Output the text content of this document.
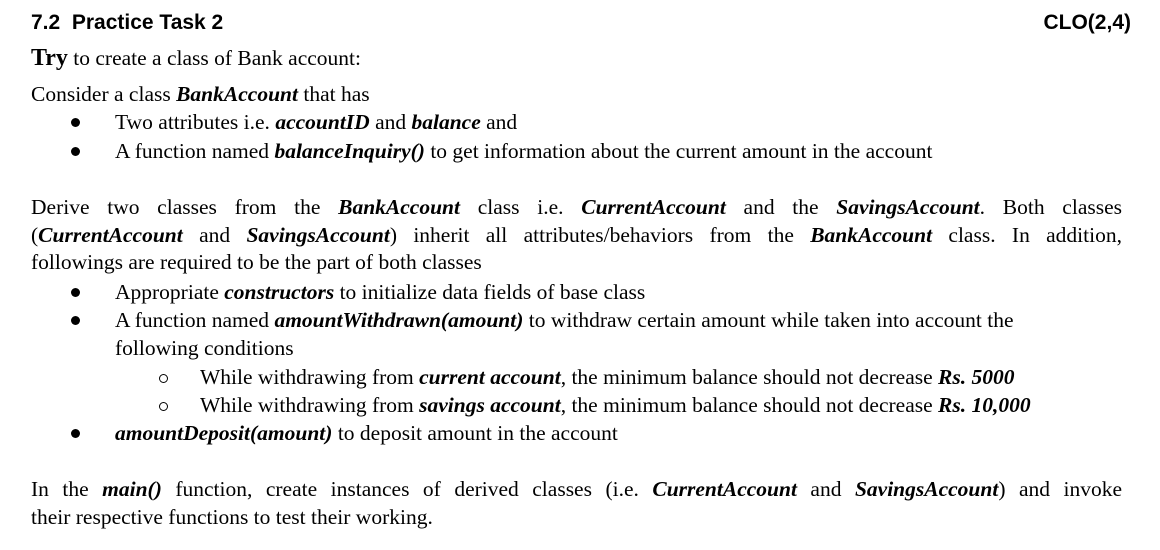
7.2  Practice Task 2	CLO(2,4)
Try to create a class of Bank account:
Consider a class BankAccount that has
Two attributes i.e. accountID and balance and
A function named balanceInquiry() to get information about the current amount in the account
Derive two classes from the BankAccount class i.e. CurrentAccount and the SavingsAccount. Both classes
(CurrentAccount and SavingsAccount) inherit all attributes/behaviors from the BankAccount class. In addition,
followings are required to be the part of both classes
Appropriate constructors to initialize data fields of base class
A function named amountWithdrawn(amount) to withdraw certain amount while taken into account the
following conditions
While withdrawing from current account, the minimum balance should not decrease Rs. 5000
While withdrawing from savings account, the minimum balance should not decrease Rs. 10,000
amountDeposit(amount) to deposit amount in the account
In the main() function, create instances of derived classes (i.e. CurrentAccount and SavingsAccount) and invoke
their respective functions to test their working.
